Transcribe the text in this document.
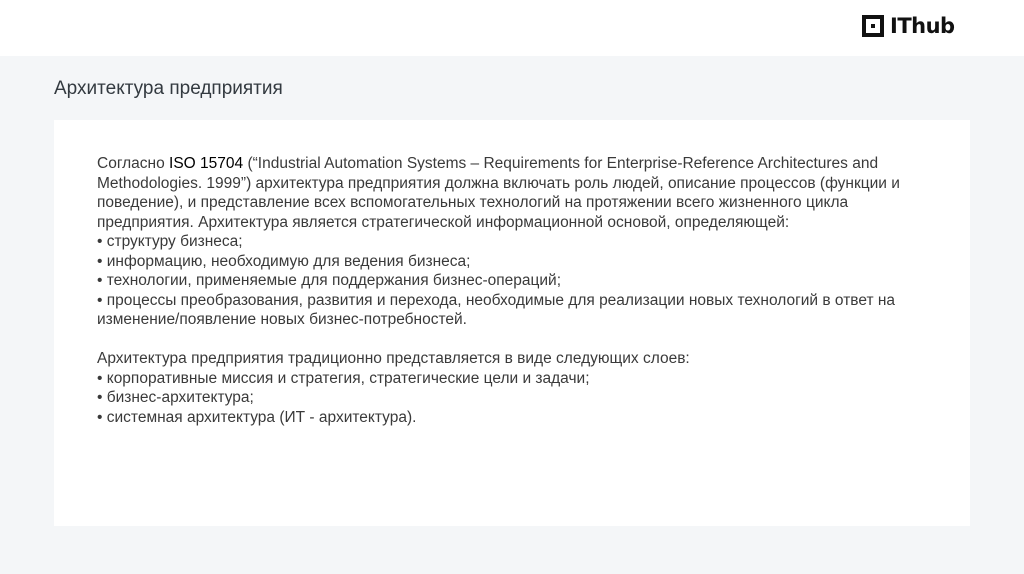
IThub
Архитектура предприятия

Согласно ISO 15704 (“Industrial Automation Systems – Requirements for Enterprise-Reference Architectures and Methodologies. 1999”) архитектура предприятия должна включать роль людей, описание процессов (функции и поведение), и представление всех вспомогательных технологий на протяжении всего жизненного цикла предприятия. Архитектура является стратегической информационной основой, определяющей:

• структуру бизнеса;
• информацию, необходимую для ведения бизнеса;
• технологии, применяемые для поддержания бизнес-операций;
• процессы преобразования, развития и перехода, необходимые для реализации новых технологий в ответ на изменение/появление новых бизнес-потребностей.

Архитектура предприятия традиционно представляется в виде следующих слоев:

• корпоративные миссия и стратегия, стратегические цели и задачи;
• бизнес-архитектура;
• системная архитектура (ИТ - архитектура).
